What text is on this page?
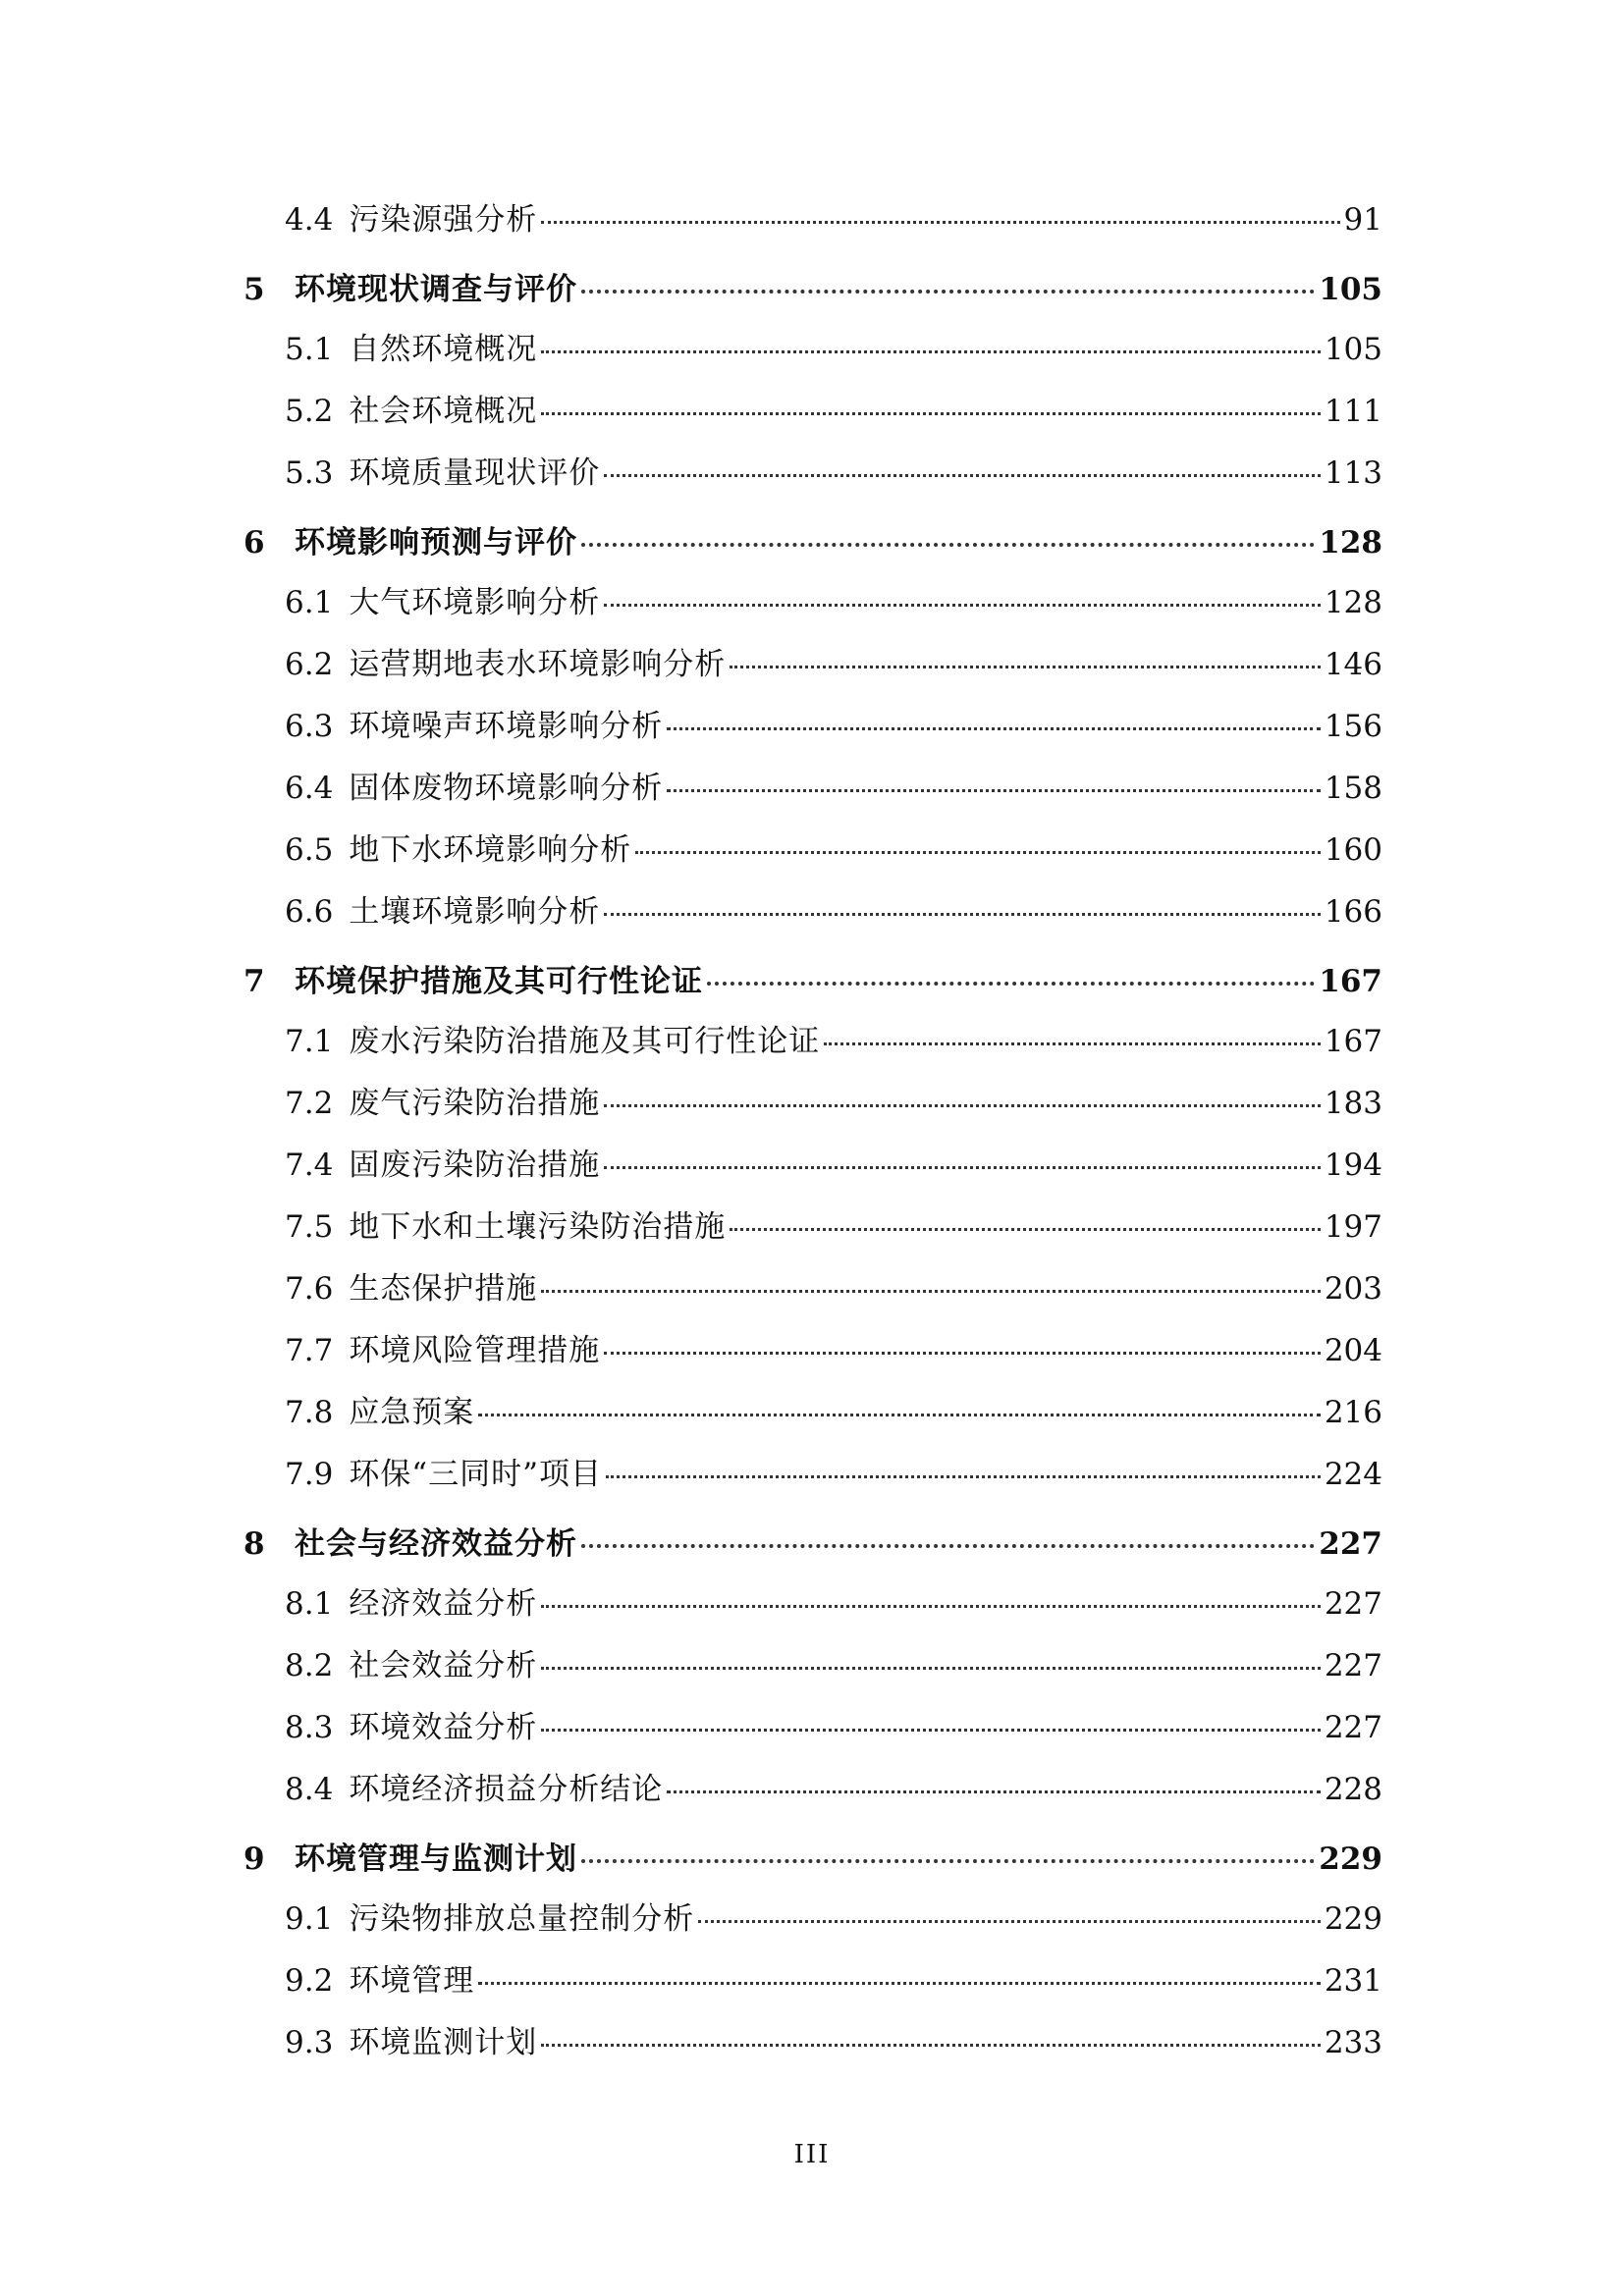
4.4 污染源强分析	91
5 环境现状调查与评价	105
5.1 自然环境概况	105
5.2 社会环境概况	111
5.3 环境质量现状评价	113
6 环境影响预测与评价	128
6.1 大气环境影响分析	128
6.2 运营期地表水环境影响分析	146
6.3 环境噪声环境影响分析	156
6.4 固体废物环境影响分析	158
6.5 地下水环境影响分析	160
6.6 土壤环境影响分析	166
7 环境保护措施及其可行性论证	167
7.1 废水污染防治措施及其可行性论证	167
7.2 废气污染防治措施	183
7.4 固废污染防治措施	194
7.5 地下水和土壤污染防治措施	197
7.6 生态保护措施	203
7.7 环境风险管理措施	204
7.8 应急预案	216
7.9 环保“三同时”项目	224
8 社会与经济效益分析	227
8.1 经济效益分析	227
8.2 社会效益分析	227
8.3 环境效益分析	227
8.4 环境经济损益分析结论	228
9 环境管理与监测计划	229
9.1 污染物排放总量控制分析	229
9.2 环境管理	231
9.3 环境监测计划	233
III
